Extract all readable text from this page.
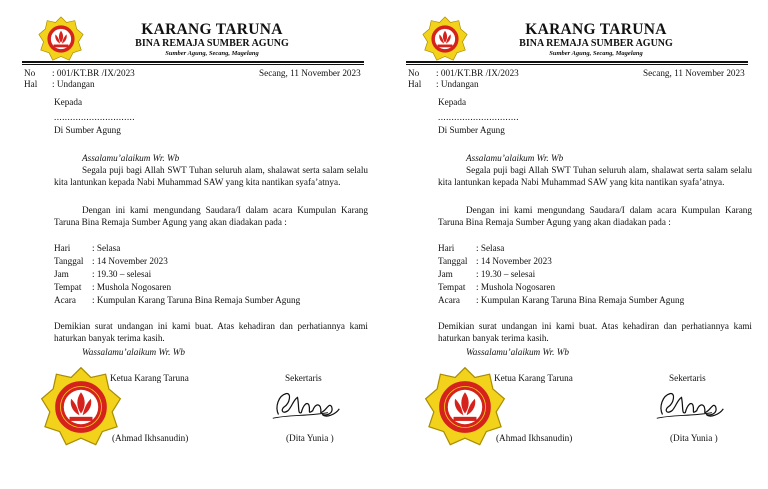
KARANG TARUNA
BINA REMAJA SUMBER AGUNG
Sumber Agung, Secang, Magelang
No : 001/KT.BR /IX/2023	Secang, 11 November 2023
Hal : Undangan
Kepada
..............................
Di Sumber Agung
Assalamu’alaikum Wr. Wb
Segala puji bagi Allah SWT Tuhan seluruh alam, shalawat serta salam selalu kita lantunkan kepada Nabi Muhammad SAW yang kita nantikan syafa’atnya.
Dengan ini kami mengundang Saudara/I dalam acara Kumpulan Karang Taruna Bina Remaja Sumber Agung yang akan diadakan pada :
Hari : Selasa
Tanggal : 14 November 2023
Jam	: 19.30 – selesai
Tempat : Mushola Nogosaren
Acara : Kumpulan Karang Taruna Bina Remaja Sumber Agung
Demikian surat undangan ini kami buat. Atas kehadiran dan perhatiannya kami haturkan banyak terima kasih.
Wassalamu’alaikum Wr. Wb
Ketua Karang Taruna	Sekertaris
(Ahmad Ikhsanudin)	(Dita Yunia )
KARANG TARUNA
BINA REMAJA SUMBER AGUNG
Sumber Agung, Secang, Magelang
No : 001/KT.BR /IX/2023	Secang, 11 November 2023
Hal : Undangan
Kepada
..............................
Di Sumber Agung
Assalamu’alaikum Wr. Wb
Segala puji bagi Allah SWT Tuhan seluruh alam, shalawat serta salam selalu kita lantunkan kepada Nabi Muhammad SAW yang kita nantikan syafa’atnya.
Dengan ini kami mengundang Saudara/I dalam acara Kumpulan Karang Taruna Bina Remaja Sumber Agung yang akan diadakan pada :
Hari : Selasa
Tanggal : 14 November 2023
Jam	: 19.30 – selesai
Tempat : Mushola Nogosaren
Acara : Kumpulan Karang Taruna Bina Remaja Sumber Agung
Demikian surat undangan ini kami buat. Atas kehadiran dan perhatiannya kami haturkan banyak terima kasih.
Wassalamu’alaikum Wr. Wb
Ketua Karang Taruna	Sekertaris
(Ahmad Ikhsanudin)	(Dita Yunia )
